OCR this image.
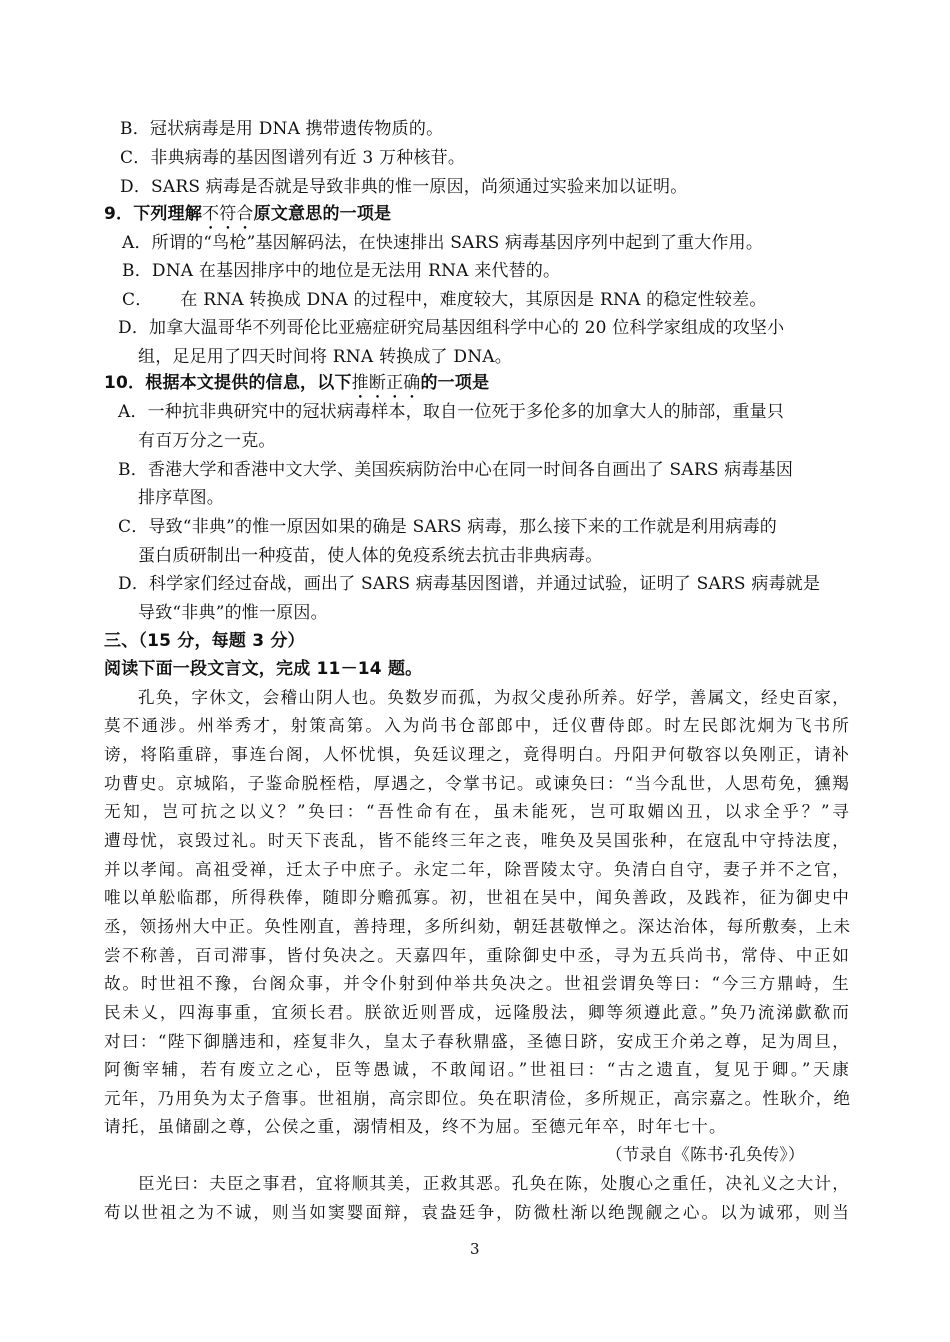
B．冠状病毒是用 DNA 携带遗传物质的。
C．非典病毒的基因图谱列有近 3 万种核苷。
D．SARS 病毒是否就是导致非典的惟一原因，尚须通过实验来加以证明。
9．下列理解不符合原文意思的一项是
A．所谓的“鸟枪”基因解码法，在快速排出 SARS 病毒基因序列中起到了重大作用。
B．DNA 在基因排序中的地位是无法用 RNA 来代替的。
C．     在 RNA 转换成 DNA 的过程中，难度较大，其原因是 RNA 的稳定性较差。
D．加拿大温哥华不列哥伦比亚癌症研究局基因组科学中心的 20 位科学家组成的攻坚小
组，足足用了四天时间将 RNA 转换成了 DNA。
10．根据本文提供的信息，以下推断正确的一项是
A．一种抗非典研究中的冠状病毒样本，取自一位死于多伦多的加拿大人的肺部，重量只
有百万分之一克。
B．香港大学和香港中文大学、美国疾病防治中心在同一时间各自画出了 SARS 病毒基因
排序草图。
C．导致“非典”的惟一原因如果的确是 SARS 病毒，那么接下来的工作就是利用病毒的
蛋白质研制出一种疫苗，使人体的免疫系统去抗击非典病毒。
D．科学家们经过奋战，画出了 SARS 病毒基因图谱，并通过试验，证明了 SARS 病毒就是
导致“非典”的惟一原因。
三、（15 分，每题 3 分）
阅读下面一段文言文，完成 11－14 题。
孔奂，字休文，会稽山阴人也。奂数岁而孤，为叔父虔孙所养。好学，善属文，经史百家，
莫不通涉。州举秀才，射策高第。入为尚书仓部郎中，迁仪曹侍郎。时左民郎沈炯为飞书所
谤，将陷重辟，事连台阁，人怀忧惧，奂廷议理之，竟得明白。丹阳尹何敬容以奂刚正，请补
功曹史。京城陷，子鉴命脱桎梏，厚遇之，令掌书记。或谏奂曰：“当今乱世，人思苟免，獯羯
无知，岂可抗之以义？”奂曰：“吾性命有在，虽未能死，岂可取媚凶丑，以求全乎？”寻
遭母忧，哀毁过礼。时天下丧乱，皆不能终三年之丧，唯奂及吴国张种，在寇乱中守持法度，
并以孝闻。高祖受禅，迁太子中庶子。永定二年，除晋陵太守。奂清白自守，妻子并不之官，
唯以单舩临郡，所得秩俸，随即分赡孤寡。初，世祖在吴中，闻奂善政，及践祚，征为御史中
丞，领扬州大中正。奂性刚直，善持理，多所纠劾，朝廷甚敬惮之。深达治体，每所敷奏，上未
尝不称善，百司滞事，皆付奂决之。天嘉四年，重除御史中丞，寻为五兵尚书，常侍、中正如
故。时世祖不豫，台阁众事，并令仆射到仲举共奂决之。世祖尝谓奂等曰：“今三方鼎峙，生
民未乂，四海事重，宜须长君。朕欲近则晋成，远隆殷法，卿等须遵此意。”奂乃流涕歔欷而
对曰：“陛下御膳违和，痊复非久，皇太子春秋鼎盛，圣德日跻，安成王介弟之尊，足为周旦，
阿衡宰辅，若有废立之心，臣等愚诚，不敢闻诏。”世祖曰：“古之遗直，复见于卿。”天康
元年，乃用奂为太子詹事。世祖崩，高宗即位。奂在职清俭，多所规正，高宗嘉之。性耿介，绝
请托，虽储副之尊，公侯之重，溺情相及，终不为屈。至德元年卒，时年七十。
（节录自《陈书·孔奂传》）
臣光曰：夫臣之事君，宜将顺其美，正救其恶。孔奂在陈，处腹心之重任，决礼义之大计，
苟以世祖之为不诚，则当如窦婴面辩，袁盎廷争，防微杜渐以绝觊觎之心。以为诚邪，则当
3
